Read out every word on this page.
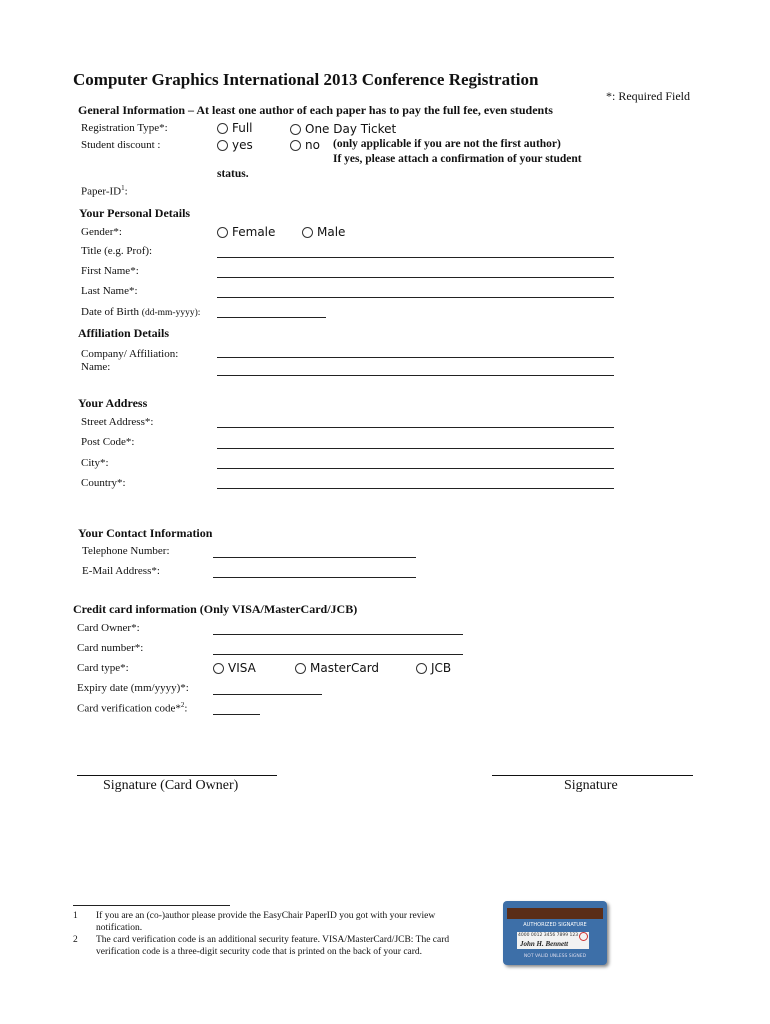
Computer Graphics International 2013 Conference Registration
*: Required Field
General Information – At least one author of each paper has to pay the full fee, even students
Registration Type*:	Full	One Day Ticket
Student discount :	yes	no (only applicable if you are not the first author)
If yes, please attach a confirmation of your student
status.
Paper-$ID^1$:
Your Personal Details
Gender*:	Female	Male
Title (e.g. Prof):
First Name*:
Last Name*:
Date of Birth (dd-mm-yyyy):
Affiliation Details
Company/ Affiliation:
Name:
Your Address
Street Address*:
Post Code*:
City*:
Country*:
Your Contact Information
Telephone Number:
E-Mail Address*:
Credit card information (Only VISA/MasterCard/JCB)
Card Owner*:
Card number*:
Card type*:	VISA	MasterCard	JCB
Expiry date (mm/yyyy)*:
Card verification code*$^2$:
Signature (Card Owner)	Signature
1 If you are an (co-)author please provide the EasyChair PaperID you got with your review notification.
2 The card verification code is an additional security feature. VISA/MasterCard/JCB: The card verification code is a three-digit security code that is printed on the back of your card.
AUTHORIZED SIGNATURE
4000 0012 3456 7899 123
John H. Bennett
NOT VALID UNLESS SIGNED
